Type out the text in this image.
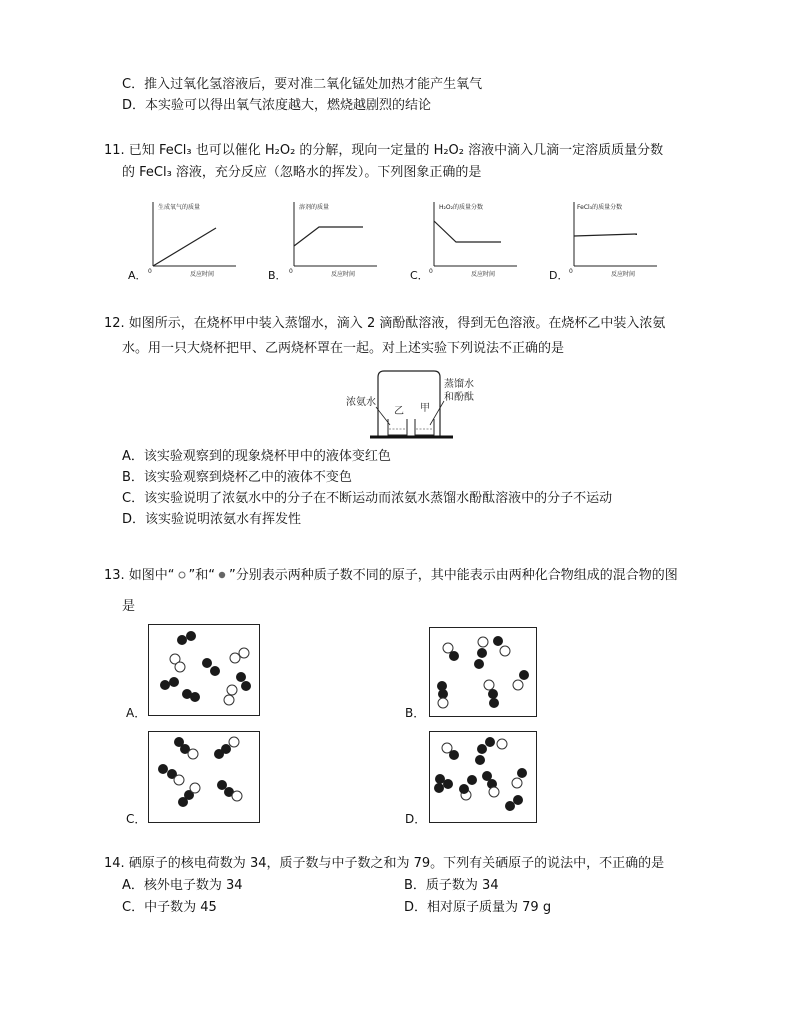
C．推入过氧化氢溶液后，要对准二氧化锰处加热才能产生氧气
D．本实验可以得出氧气浓度越大，燃烧越剧烈的结论
11. 已知 FeCl₃ 也可以催化 H₂O₂ 的分解，现向一定量的 H₂O₂ 溶液中滴入几滴一定溶质质量分数
的 FeCl₃ 溶液，充分反应（忽略水的挥发）。下列图象正确的是
A．
生成氧气的质量
0	反应时间	B．
溶剂的质量
0	反应时间	C．
H₂O₂的质量分数
0	反应时间	D．
FeCl₃的质量分数
0	反应时间
12. 如图所示，在烧杯甲中装入蒸馏水，滴入 2 滴酚酞溶液，得到无色溶液。在烧杯乙中装入浓氨
水。用一只大烧杯把甲、乙两烧杯罩在一起。对上述实验下列说法不正确的是
浓氨水
乙 甲
蒸馏水
和酚酞
A．该实验观察到的现象烧杯甲中的液体变红色
B．该实验观察到烧杯乙中的液体不变色
C．该实验说明了浓氨水中的分子在不断运动而浓氨水蒸馏水酚酞溶液中的分子不运动
D．该实验说明浓氨水有挥发性
13. 如图中“ ”和“ ”分别表示两种质子数不同的原子，其中能表示由两种化合物组成的混合物的图
是
A．	B．
C．	D．
14. 硒原子的核电荷数为 34，质子数与中子数之和为 79。下列有关硒原子的说法中，不正确的是
A．核外电子数为 34	B．质子数为 34
C．中子数为 45	D．相对原子质量为 79 g
